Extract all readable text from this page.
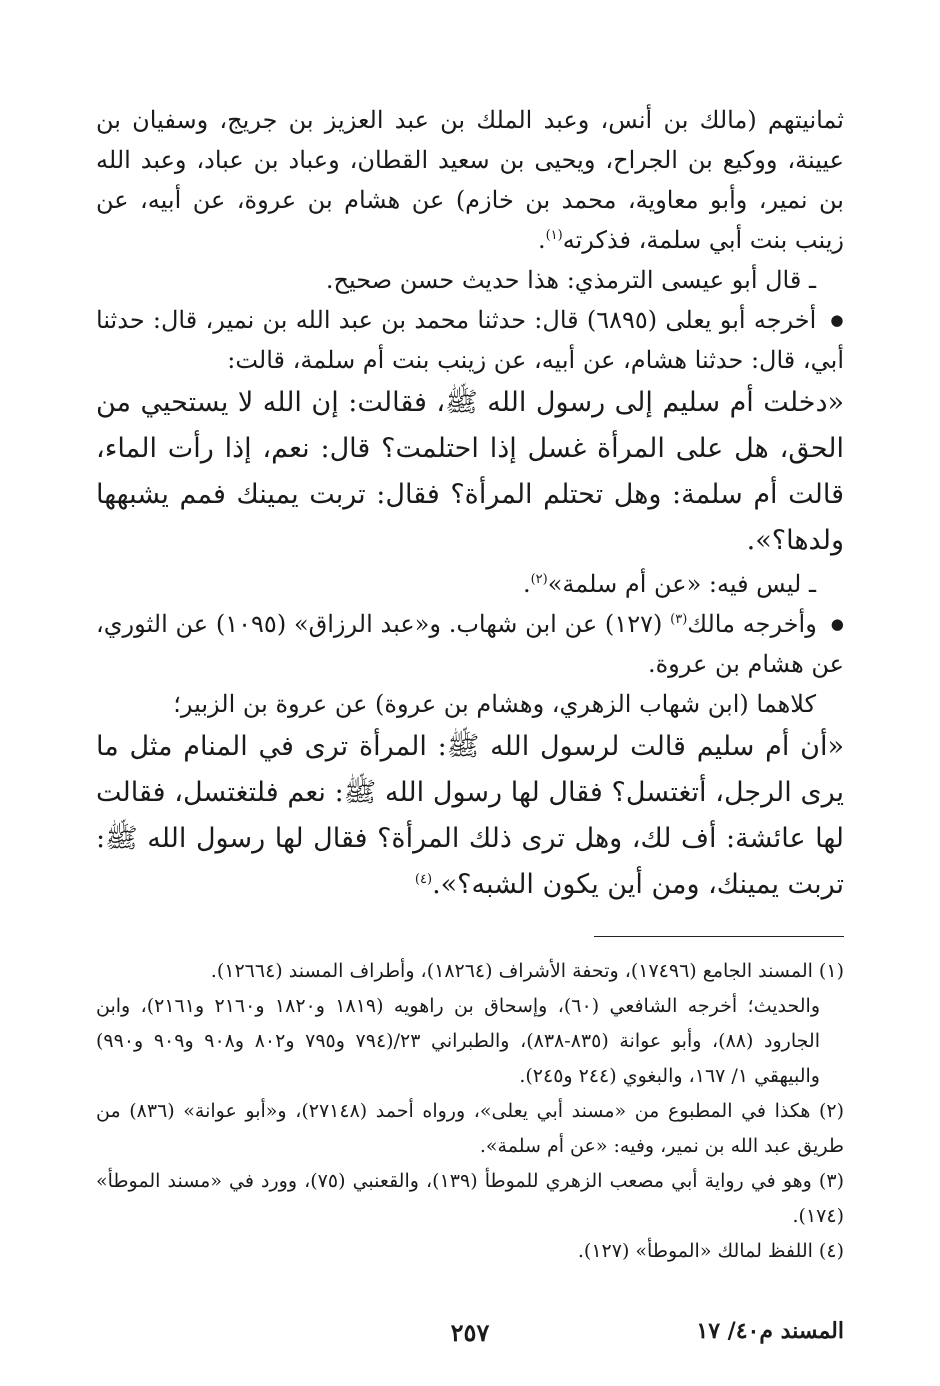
ثمانيتهم (مالك بن أنس، وعبد الملك بن عبد العزيز بن جريج، وسفيان بن عيينة، ووكيع بن الجراح، ويحيى بن سعيد القطان، وعباد بن عباد، وعبد الله بن نمير، وأبو معاوية، محمد بن خازم) عن هشام بن عروة، عن أبيه، عن زينب بنت أبي سلمة، فذكرته$^{(١)}$.

ـ قال أبو عيسى الترمذي: هذا حديث حسن صحيح.

● أخرجه أبو يعلى (٦٨٩٥) قال: حدثنا محمد بن عبد الله بن نمير، قال: حدثنا أبي، قال: حدثنا هشام، عن أبيه، عن زينب بنت أم سلمة، قالت:

«دخلت أم سليم إلى رسول الله ﷺ، فقالت: إن الله لا يستحيي من الحق، هل على المرأة غسل إذا احتلمت؟ قال: نعم، إذا رأت الماء، قالت أم سلمة: وهل تحتلم المرأة؟ فقال: تربت يمينك فمم يشبهها ولدها؟».

ـ ليس فيه: «عن أم سلمة»$^{(٢)}$.

● وأخرجه مالك$^{(٣)}$ (١٢٧) عن ابن شهاب. و«عبد الرزاق» (١٠٩٥) عن الثوري، عن هشام بن عروة.

كلاهما (ابن شهاب الزهري، وهشام بن عروة) عن عروة بن الزبير؛

«أن أم سليم قالت لرسول الله ﷺ: المرأة ترى في المنام مثل ما يرى الرجل، أتغتسل؟ فقال لها رسول الله ﷺ: نعم فلتغتسل، فقالت لها عائشة: أف لك، وهل ترى ذلك المرأة؟ فقال لها رسول الله ﷺ: تربت يمينك، ومن أين يكون الشبه؟».$^{(٤)}$

(١) المسند الجامع (١٧٤٩٦)، وتحفة الأشراف (١٨٢٦٤)، وأطراف المسند (١٢٦٦٤).

والحديث؛ أخرجه الشافعي (٦٠)، وإسحاق بن راهويه (١٨١٩ و١٨٢٠ و٢١٦٠ و٢١٦١)، وابن الجارود (٨٨)، وأبو عوانة (٨٣٥-٨٣٨)، والطبراني ٢٣/(٧٩٤ و٧٩٥ و٨٠٢ و٩٠٨ و٩٠٩ و٩٩٠) والبيهقي ١/ ١٦٧، والبغوي (٢٤٤ و٢٤٥).

(٢) هكذا في المطبوع من «مسند أبي يعلى»، ورواه أحمد (٢٧١٤٨)، و«أبو عوانة» (٨٣٦) من طريق عبد الله بن نمير، وفيه: «عن أم سلمة».

(٣) وهو في رواية أبي مصعب الزهري للموطأ (١٣٩)، والقعنبي (٧٥)، وورد في «مسند الموطأ» (١٧٤).

(٤) اللفظ لمالك «الموطأ» (١٢٧).

المسند م٤٠/ ١٧
٢٥٧
